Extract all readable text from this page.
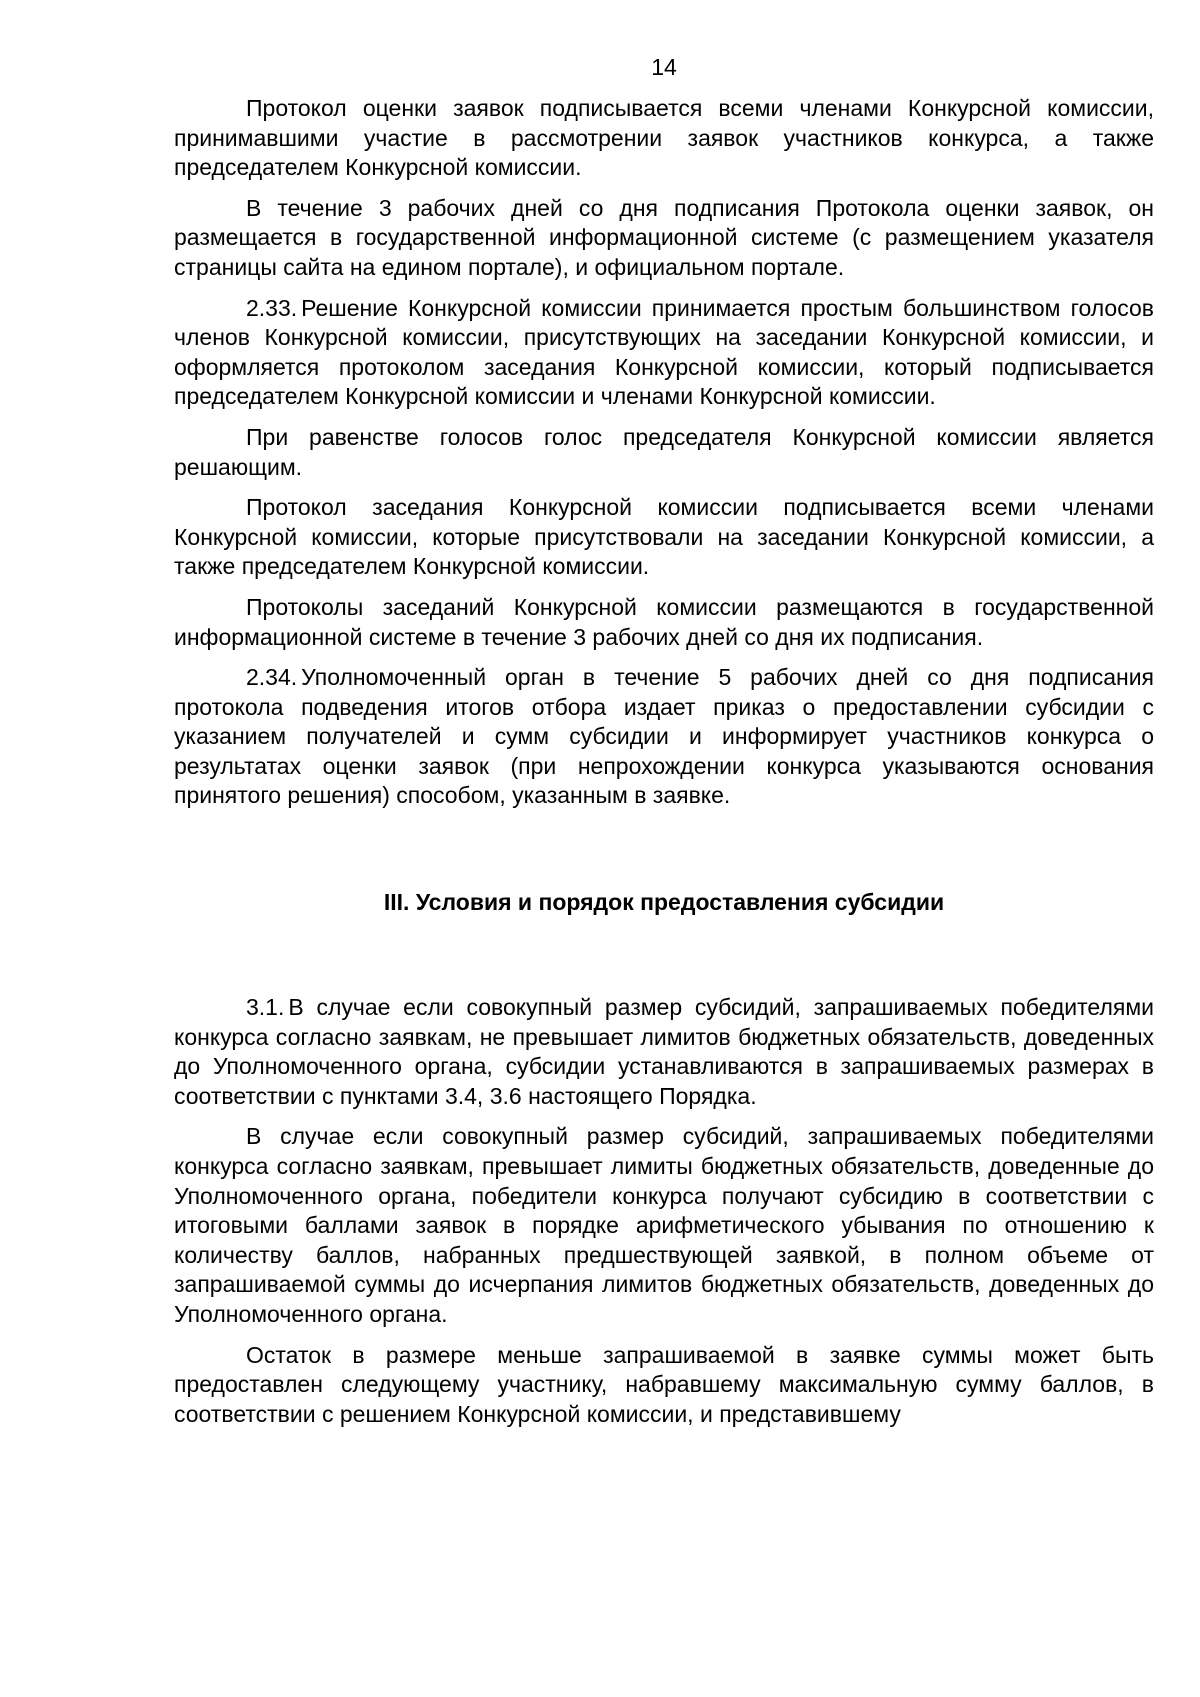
14
Протокол оценки заявок подписывается всеми членами Конкурсной комиссии, принимавшими участие в рассмотрении заявок участников конкурса, а также председателем Конкурсной комиссии.
В течение 3 рабочих дней со дня подписания Протокола оценки заявок, он размещается в государственной информационной системе (с размещением указателя страницы сайта на едином портале), и официальном портале.
2.33. Решение Конкурсной комиссии принимается простым большинством голосов членов Конкурсной комиссии, присутствующих на заседании Конкурсной комиссии, и оформляется протоколом заседания Конкурсной комиссии, который подписывается председателем Конкурсной комиссии и членами Конкурсной комиссии.
При равенстве голосов голос председателя Конкурсной комиссии является решающим.
Протокол заседания Конкурсной комиссии подписывается всеми членами Конкурсной комиссии, которые присутствовали на заседании Конкурсной комиссии, а также председателем Конкурсной комиссии.
Протоколы заседаний Конкурсной комиссии размещаются в государственной информационной системе в течение 3 рабочих дней со дня их подписания.
2.34. Уполномоченный орган в течение 5 рабочих дней со дня подписания протокола подведения итогов отбора издает приказ о предоставлении субсидии с указанием получателей и сумм субсидии и информирует участников конкурса о результатах оценки заявок (при непрохождении конкурса указываются основания принятого решения) способом, указанным в заявке.
III. Условия и порядок предоставления субсидии
3.1. В случае если совокупный размер субсидий, запрашиваемых победителями конкурса согласно заявкам, не превышает лимитов бюджетных обязательств, доведенных до Уполномоченного органа, субсидии устанавливаются в запрашиваемых размерах в соответствии с пунктами 3.4, 3.6 настоящего Порядка.
В случае если совокупный размер субсидий, запрашиваемых победителями конкурса согласно заявкам, превышает лимиты бюджетных обязательств, доведенные до Уполномоченного органа, победители конкурса получают субсидию в соответствии с итоговыми баллами заявок в порядке арифметического убывания по отношению к количеству баллов, набранных предшествующей заявкой, в полном объеме от запрашиваемой суммы до исчерпания лимитов бюджетных обязательств, доведенных до Уполномоченного органа.
Остаток в размере меньше запрашиваемой в заявке суммы может быть предоставлен следующему участнику, набравшему максимальную сумму баллов, в соответствии с решением Конкурсной комиссии, и представившему
